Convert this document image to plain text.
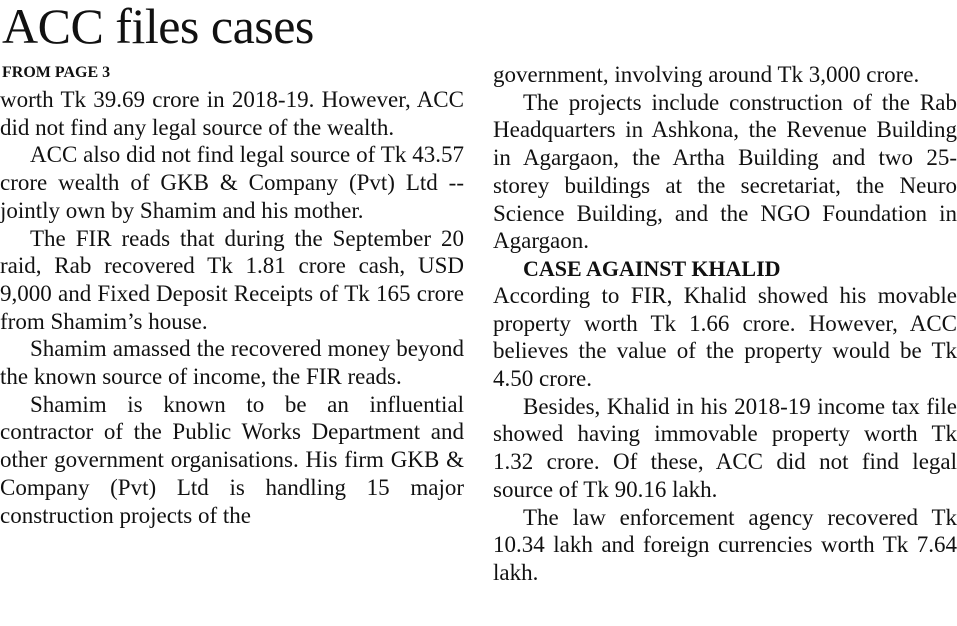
ACC files cases
FROM PAGE 3

worth Tk 39.69 crore in 2018-19. However, ACC did not find any legal source of the wealth.

ACC also did not find legal source of Tk 43.57 crore wealth of GKB & Company (Pvt) Ltd -- jointly own by Shamim and his mother.

The FIR reads that during the September 20 raid, Rab recovered Tk 1.81 crore cash, USD 9,000 and Fixed Deposit Receipts of Tk 165 crore from Shamim’s house.

Shamim amassed the recovered money beyond the known source of income, the FIR reads.

Shamim is known to be an influential contractor of the Public Works Department and other government organisations. His firm GKB & Company (Pvt) Ltd is handling 15 major construction projects of the

government, involving around Tk 3,000 crore.

The projects include construction of the Rab Headquarters in Ashkona, the Revenue Building in Agargaon, the Artha Building and two 25-storey buildings at the secretariat, the Neuro Science Building, and the NGO Foundation in Agargaon.

CASE AGAINST KHALID

According to FIR, Khalid showed his movable property worth Tk 1.66 crore. However, ACC believes the value of the property would be Tk 4.50 crore.

Besides, Khalid in his 2018-19 income tax file showed having immovable property worth Tk 1.32 crore. Of these, ACC did not find legal source of Tk 90.16 lakh.

The law enforcement agency recovered Tk 10.34 lakh and foreign currencies worth Tk 7.64 lakh.
